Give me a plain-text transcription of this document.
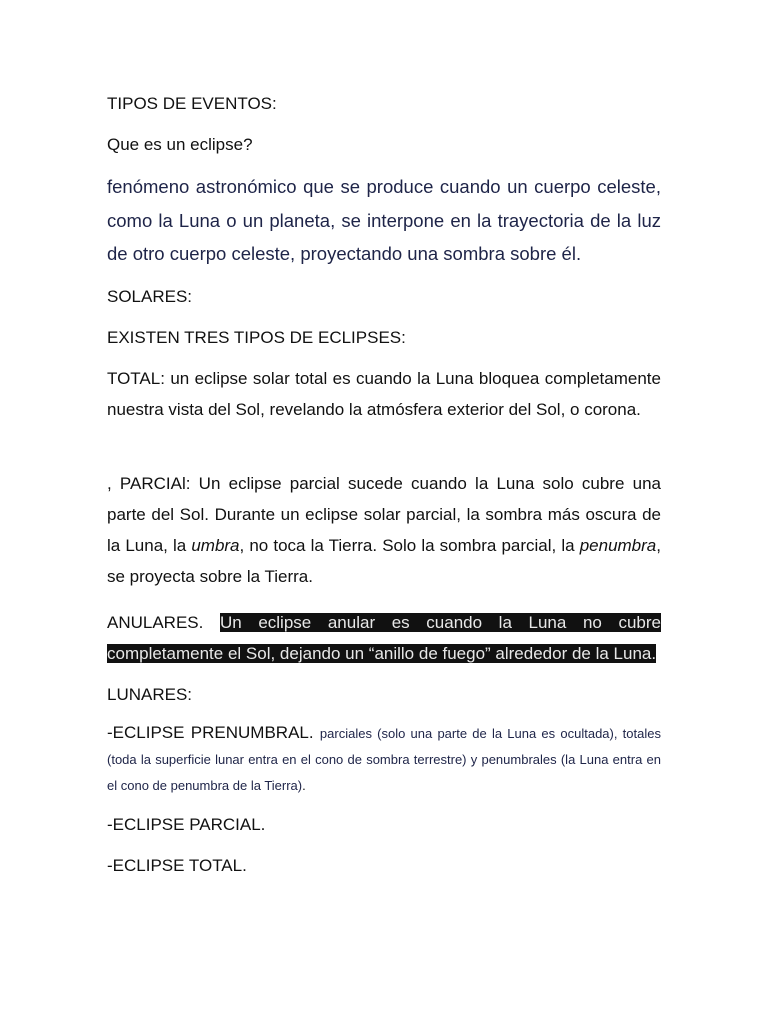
TIPOS DE EVENTOS:

Que es un eclipse?

fenómeno astronómico que se produce cuando un cuerpo celeste, como la Luna o un planeta, se interpone en la trayectoria de la luz de otro cuerpo celeste, proyectando una sombra sobre él.

SOLARES:

EXISTEN TRES TIPOS DE ECLIPSES:

TOTAL: un eclipse solar total es cuando la Luna bloquea completamente nuestra vista del Sol, revelando la atmósfera exterior del Sol, o corona.

, PARCIAl: Un eclipse parcial sucede cuando la Luna solo cubre una parte del Sol. Durante un eclipse solar parcial, la sombra más oscura de la Luna, la umbra, no toca la Tierra. Solo la sombra parcial, la penumbra, se proyecta sobre la Tierra.

ANULARES. Un eclipse anular es cuando la Luna no cubre completamente el Sol, dejando un “anillo de fuego” alrededor de la Luna.

LUNARES:

-ECLIPSE PRENUMBRAL. parciales (solo una parte de la Luna es ocultada), totales (toda la superficie lunar entra en el cono de sombra terrestre) y penumbrales (la Luna entra en el cono de penumbra de la Tierra).

-ECLIPSE PARCIAL.

-ECLIPSE TOTAL.
